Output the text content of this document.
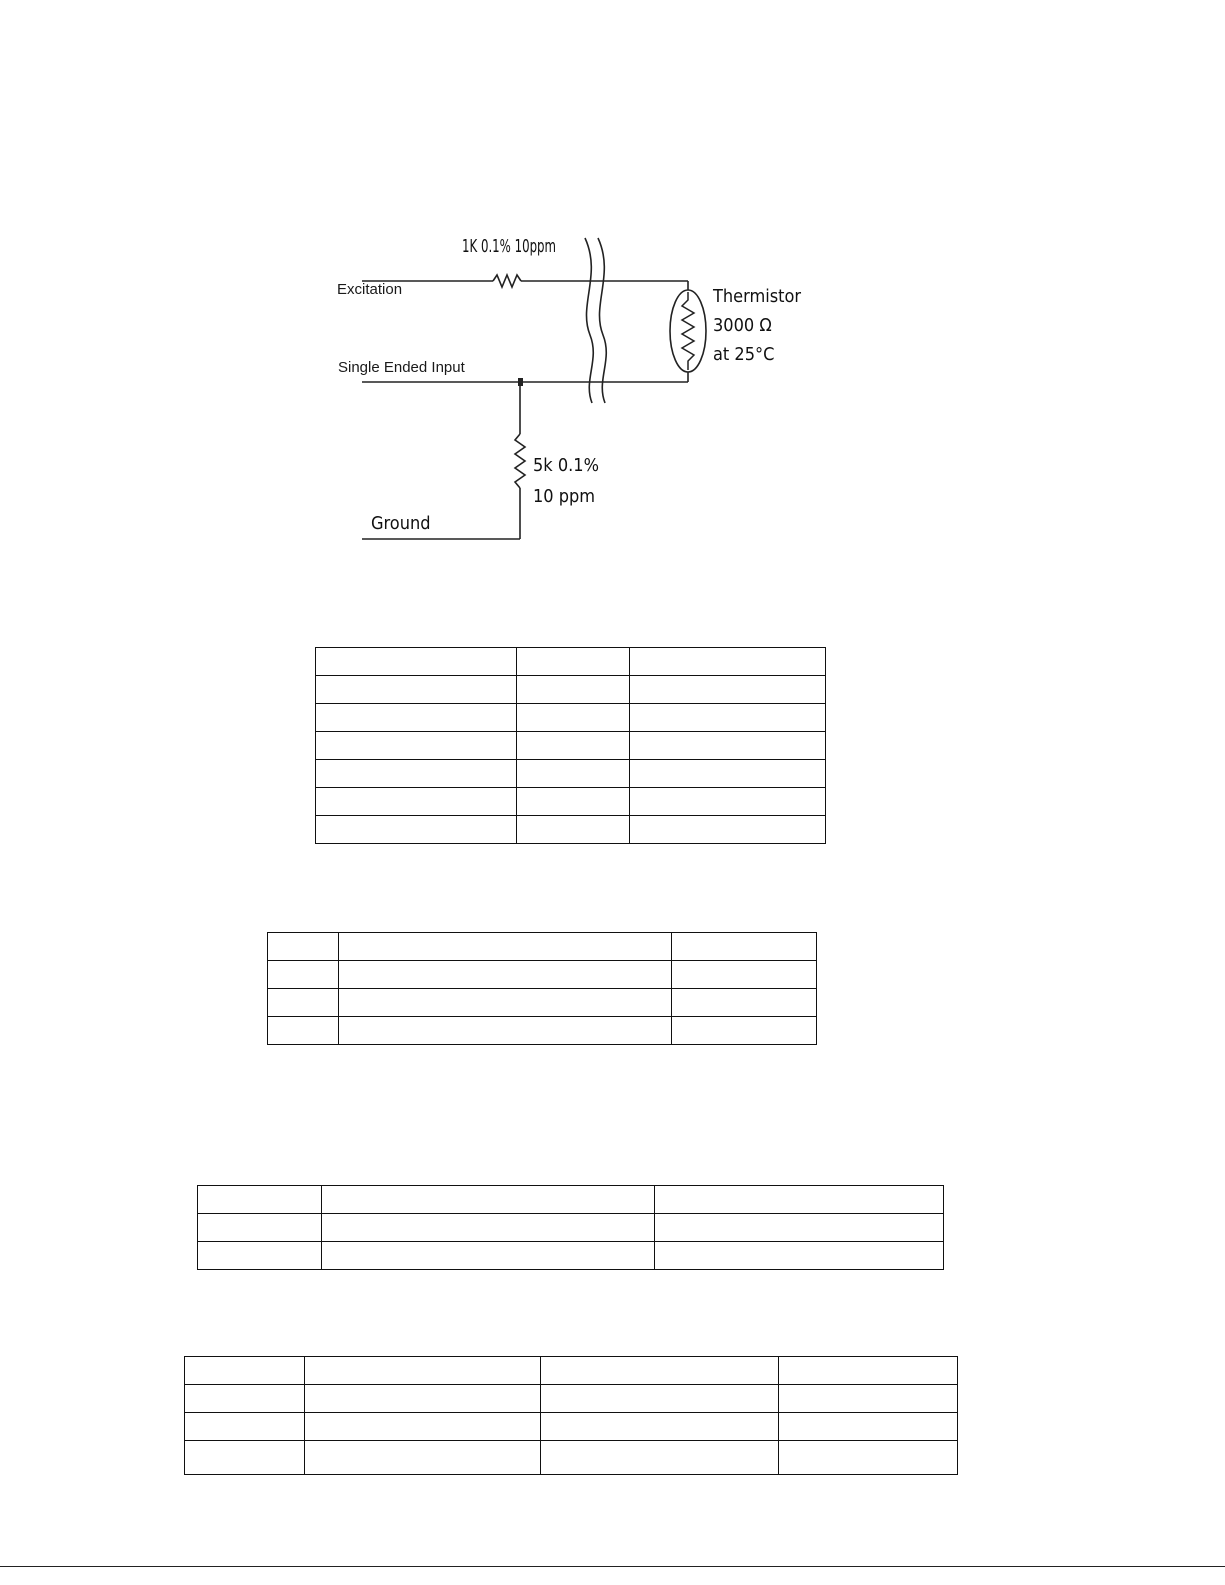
1K 0.1% 10ppm
Excitation
Single Ended Input
Thermistor
3000 Ω
at 25°C
5k 0.1%
10 ppm
Ground
